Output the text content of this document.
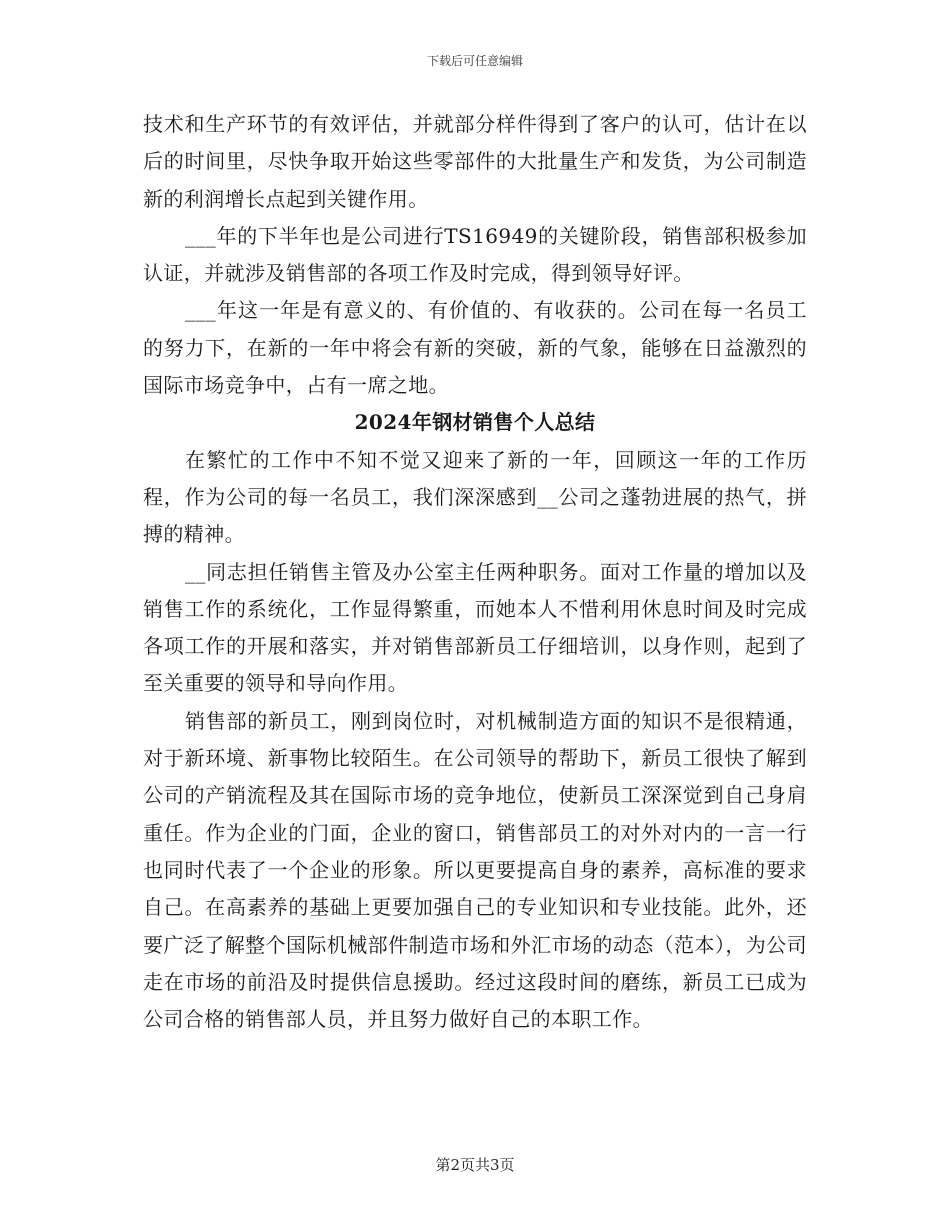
下载后可任意编辑

技术和生产环节的有效评估，并就部分样件得到了客户的认可，估计在以后的时间里，尽快争取开始这些零部件的大批量生产和发货，为公司制造新的利润增长点起到关键作用。

___年的下半年也是公司进行TS16949的关键阶段，销售部积极参加认证，并就涉及销售部的各项工作及时完成，得到领导好评。

___年这一年是有意义的、有价值的、有收获的。公司在每一名员工的努力下，在新的一年中将会有新的突破，新的气象，能够在日益激烈的国际市场竞争中，占有一席之地。

2024年钢材销售个人总结

在繁忙的工作中不知不觉又迎来了新的一年，回顾这一年的工作历程，作为公司的每一名员工，我们深深感到__公司之蓬勃进展的热气，拼搏的精神。

__同志担任销售主管及办公室主任两种职务。面对工作量的增加以及销售工作的系统化，工作显得繁重，而她本人不惜利用休息时间及时完成各项工作的开展和落实，并对销售部新员工仔细培训，以身作则，起到了至关重要的领导和导向作用。

销售部的新员工，刚到岗位时，对机械制造方面的知识不是很精通，对于新环境、新事物比较陌生。在公司领导的帮助下，新员工很快了解到公司的产销流程及其在国际市场的竞争地位，使新员工深深觉到自己身肩重任。作为企业的门面，企业的窗口，销售部员工的对外对内的一言一行也同时代表了一个企业的形象。所以更要提高自身的素养，高标准的要求自己。在高素养的基础上更要加强自己的专业知识和专业技能。此外，还要广泛了解整个国际机械部件制造市场和外汇市场的动态（范本），为公司走在市场的前沿及时提供信息援助。经过这段时间的磨练，新员工已成为公司合格的销售部人员，并且努力做好自己的本职工作。

第2页共3页
